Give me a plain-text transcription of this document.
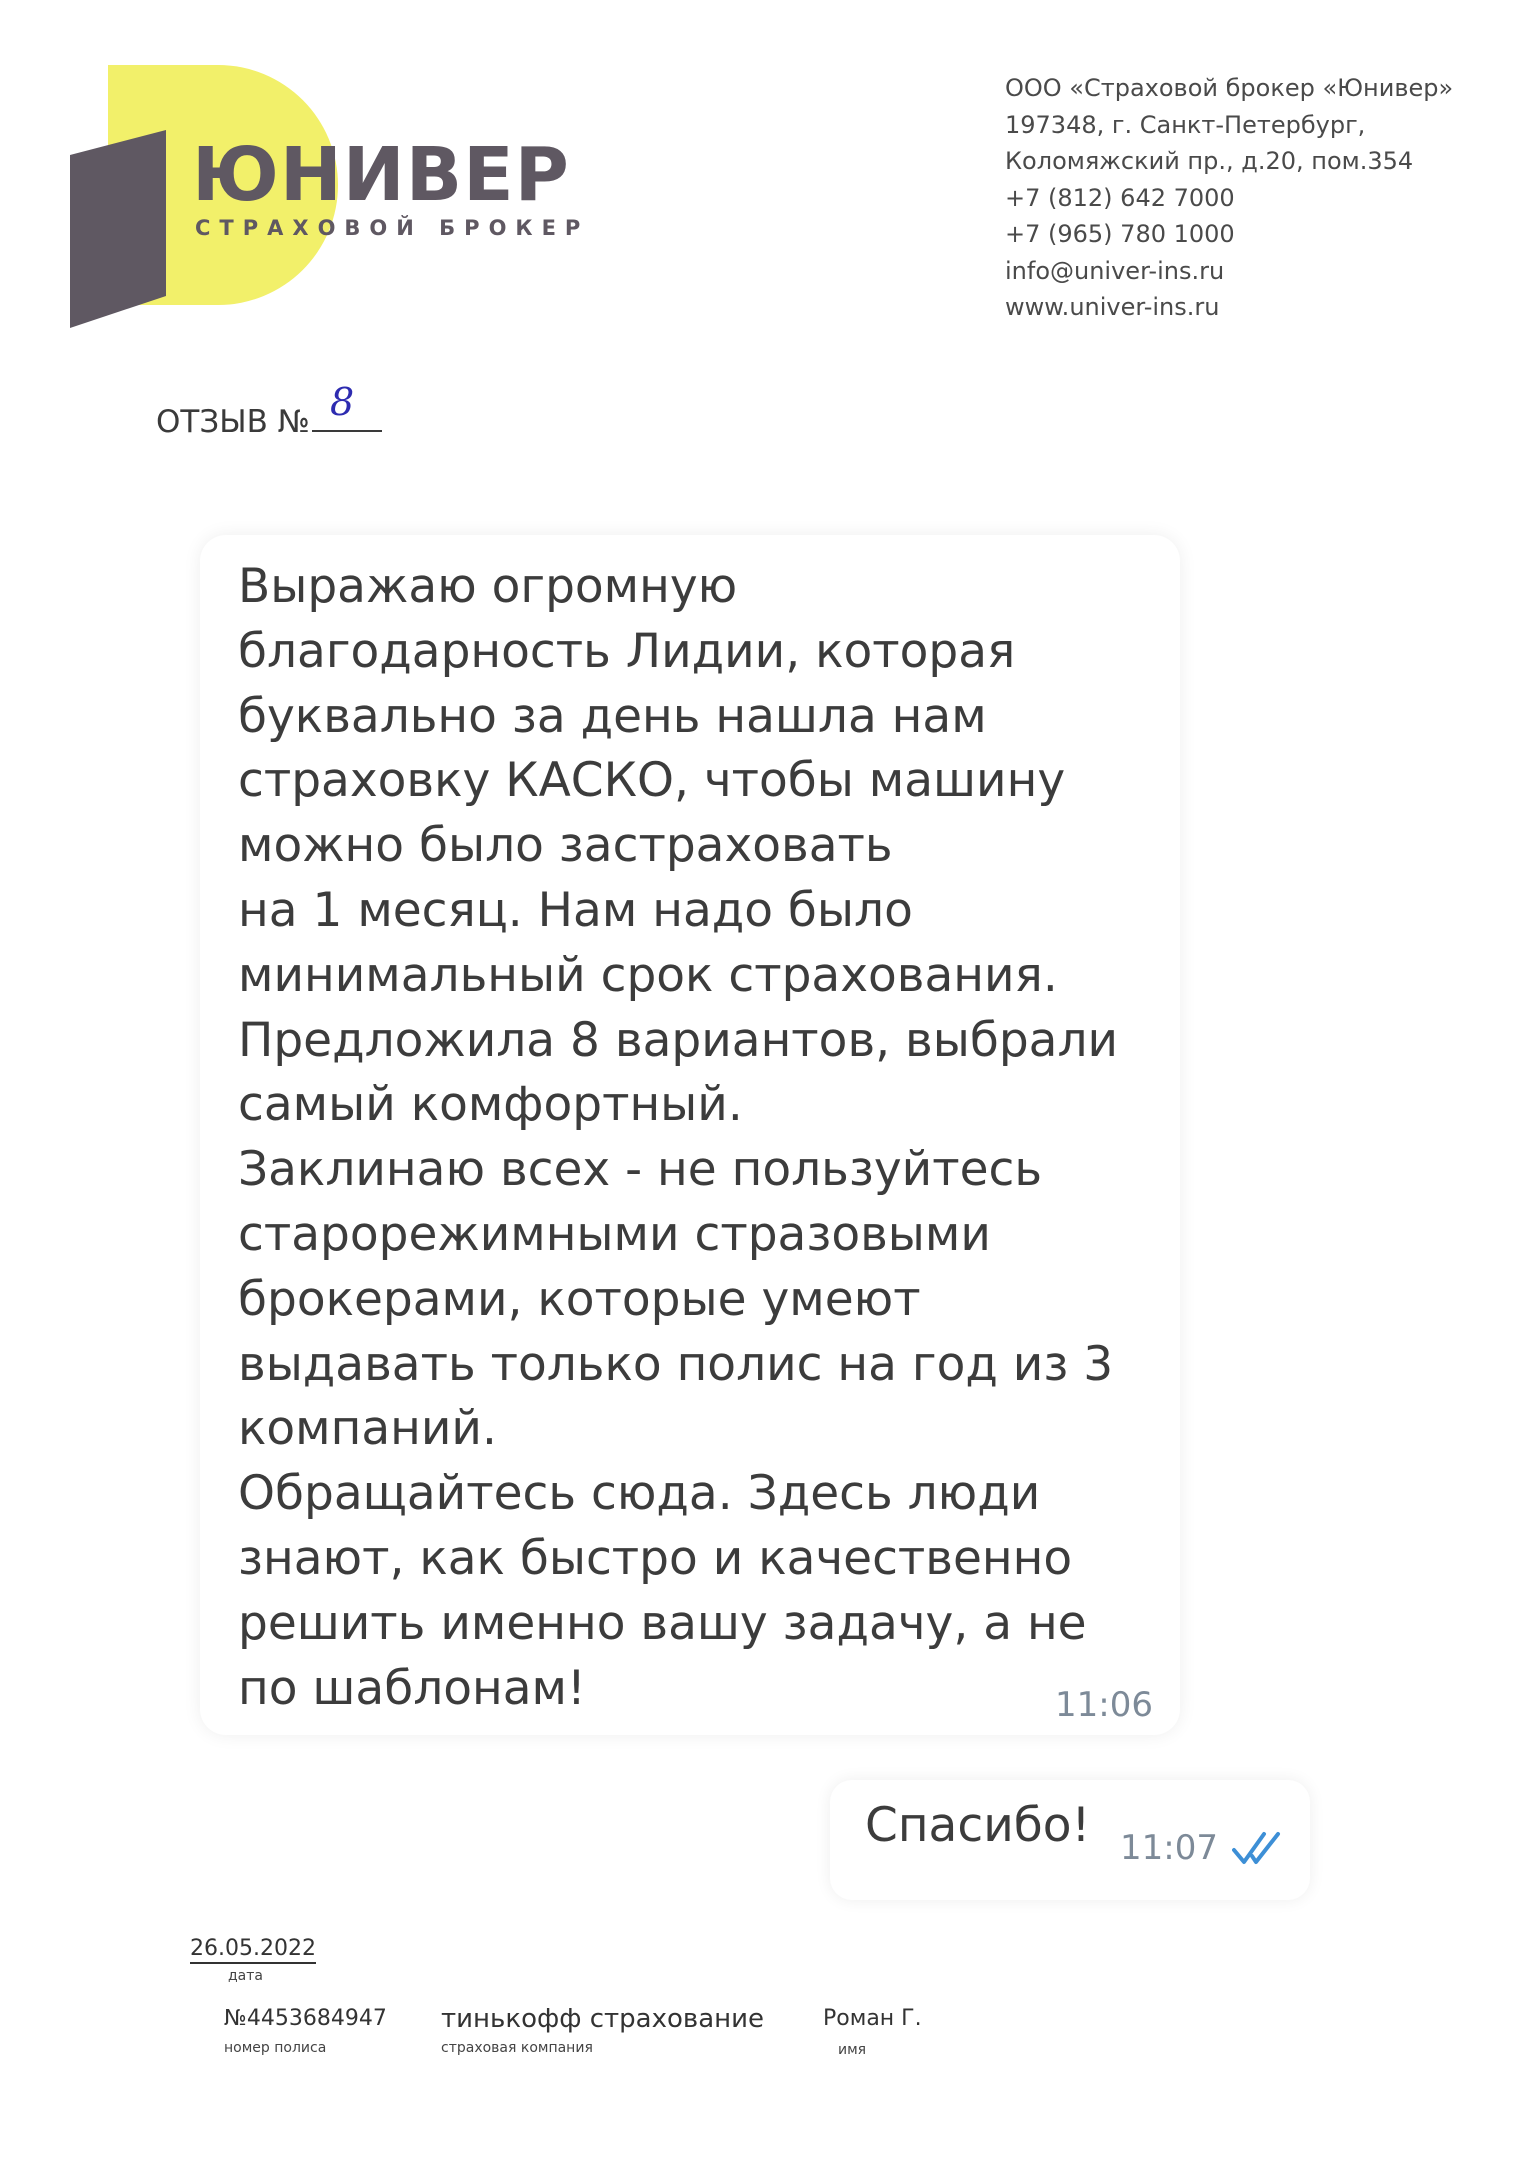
ЮНИВЕР
СТРАХОВОЙ БРОКЕР
ООО «Страховой брокер «Юнивер»
197348, г. Санкт-Петербург,
Коломяжский пр., д.20, пом.354
+7 (812) 642 7000
+7 (965) 780 1000
info@univer-ins.ru
www.univer-ins.ru
ОТЗЫВ № 8

Выражаю огромную
благодарность Лидии, которая
буквально за день нашла нам
страховку КАСКО, чтобы машину
можно было застраховать
на 1 месяц. Нам надо было
минимальный срок страхования.
Предложила 8 вариантов, выбрали
самый комфортный.
Заклинаю всех - не пользуйтесь
старорежимными стразовыми
брокерами, которые умеют
выдавать только полис на год из 3
компаний.
Обращайтесь сюда. Здесь люди
знают, как быстро и качественно
решить именно вашу задачу, а не
по шаблонам!	11:06
Спасибо! 11:07
26.05.2022
дата
№4453684947
номер полиса
тинькофф страхование
страховая компания
Роман Г.
имя
